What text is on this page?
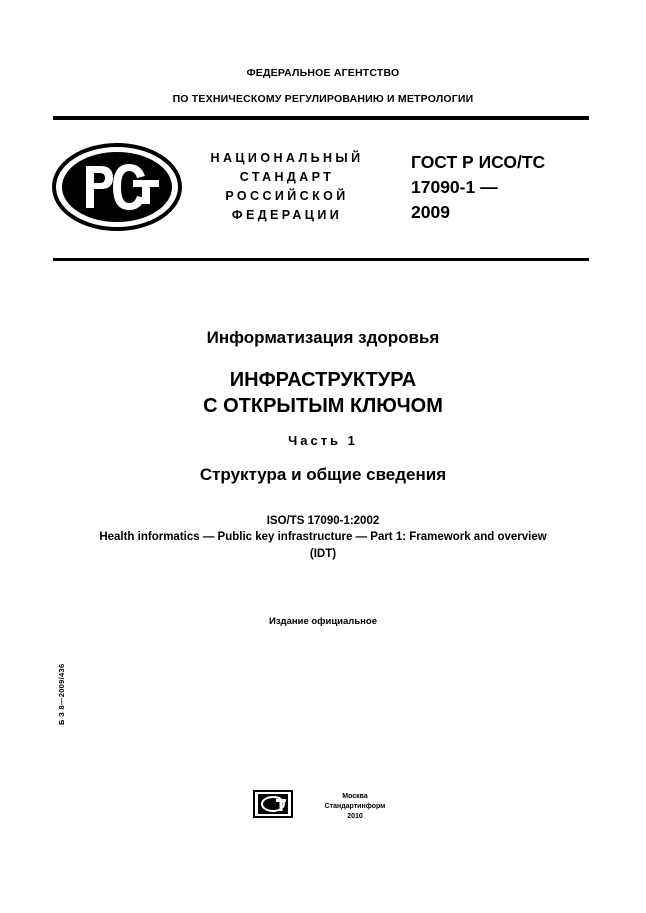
ФЕДЕРАЛЬНОЕ АГЕНТСТВО
ПО ТЕХНИЧЕСКОМУ РЕГУЛИРОВАНИЮ И МЕТРОЛОГИИ
НАЦИОНАЛЬНЫЙ
СТАНДАРТ
РОССИЙСКОЙ
ФЕДЕРАЦИИ
ГОСТ Р ИСО/ТС
17090-1 —
2009
Информатизация здоровья
ИНФРАСТРУКТУРА
С ОТКРЫТЫМ КЛЮЧОМ
Часть 1
Структура и общие сведения
ISO/TS 17090-1:2002
Health informatics — Public key infrastructure — Part 1: Framework and overview
(IDT)
Издание официальное
Б З 8—2009/436
Москва
Стандартинформ
2010
